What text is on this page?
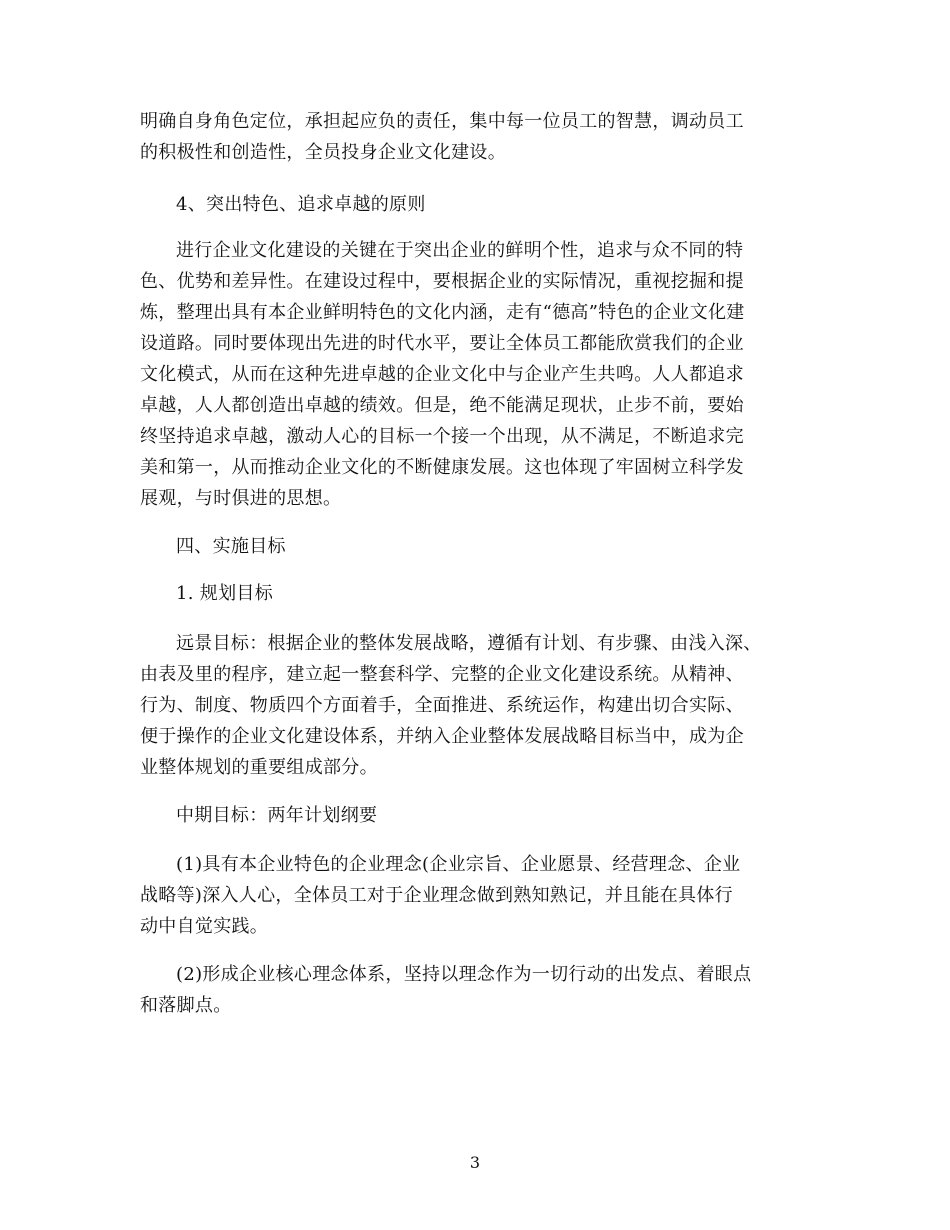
明确自身角色定位，承担起应负的责任，集中每一位员工的智慧，调动员工
的积极性和创造性，全员投身企业文化建设。
4、突出特色、追求卓越的原则
进行企业文化建设的关键在于突出企业的鲜明个性，追求与众不同的特
色、优势和差异性。在建设过程中，要根据企业的实际情况，重视挖掘和提
炼，整理出具有本企业鲜明特色的文化内涵，走有“德高”特色的企业文化建
设道路。同时要体现出先进的时代水平，要让全体员工都能欣赏我们的企业
文化模式，从而在这种先进卓越的企业文化中与企业产生共鸣。人人都追求
卓越，人人都创造出卓越的绩效。但是，绝不能满足现状，止步不前，要始
终坚持追求卓越，激动人心的目标一个接一个出现，从不满足，不断追求完
美和第一，从而推动企业文化的不断健康发展。这也体现了牢固树立科学发
展观，与时俱进的思想。
四、实施目标
1. 规划目标
远景目标：根据企业的整体发展战略，遵循有计划、有步骤、由浅入深、
由表及里的程序，建立起一整套科学、完整的企业文化建设系统。从精神、
行为、制度、物质四个方面着手，全面推进、系统运作，构建出切合实际、
便于操作的企业文化建设体系，并纳入企业整体发展战略目标当中，成为企
业整体规划的重要组成部分。
中期目标：两年计划纲要
(1)具有本企业特色的企业理念(企业宗旨、企业愿景、经营理念、企业
战略等)深入人心，全体员工对于企业理念做到熟知熟记，并且能在具体行
动中自觉实践。
(2)形成企业核心理念体系，坚持以理念作为一切行动的出发点、着眼点
和落脚点。
3
